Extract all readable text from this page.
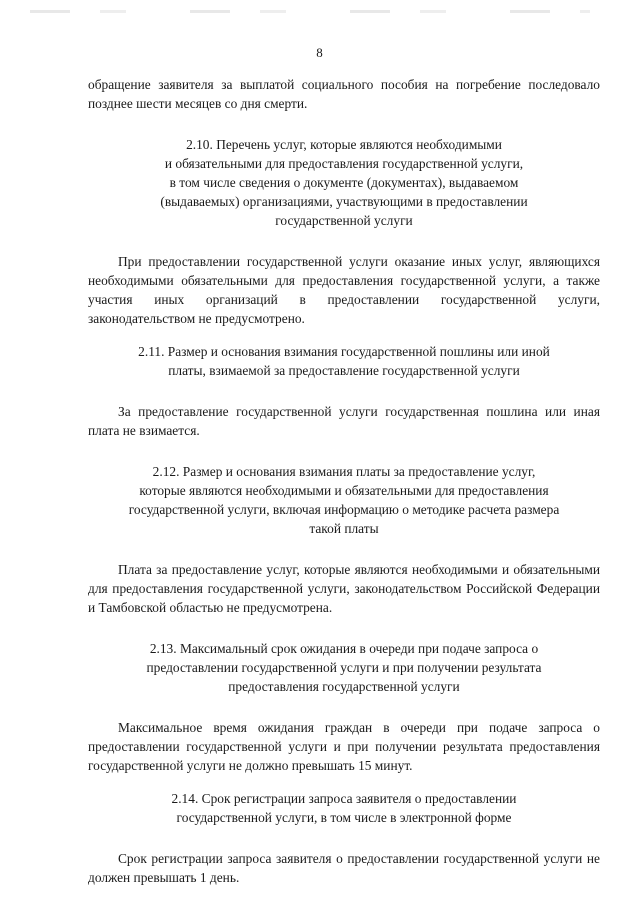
8

обращение заявителя за выплатой социального пособия на погребение последовало позднее шести месяцев со дня смерти.

2.10. Перечень услуг, которые являются необходимыми
и обязательными для предоставления государственной услуги,
в том числе сведения о документе (документах), выдаваемом
(выдаваемых) организациями, участвующими в предоставлении
государственной услуги

При предоставлении государственной услуги оказание иных услуг, являющихся необходимыми обязательными для предоставления государственной услуги, а также участия иных организаций в предоставлении государственной услуги, законодательством не предусмотрено.

2.11. Размер и основания взимания государственной пошлины или иной
платы, взимаемой за предоставление государственной услуги

За предоставление государственной услуги государственная пошлина или иная плата не взимается.

2.12. Размер и основания взимания платы за предоставление услуг,
которые являются необходимыми и обязательными для предоставления
государственной услуги, включая информацию о методике расчета размера
такой платы

Плата за предоставление услуг, которые являются необходимыми и обязательными для предоставления государственной услуги, законодательством Российской Федерации и Тамбовской областью не предусмотрена.

2.13. Максимальный срок ожидания в очереди при подаче запроса о
предоставлении государственной услуги и при получении результата
предоставления государственной услуги

Максимальное время ожидания граждан в очереди при подаче запроса о предоставлении государственной услуги и при получении результата предоставления государственной услуги не должно превышать 15 минут.

2.14. Срок регистрации запроса заявителя о предоставлении
государственной услуги, в том числе в электронной форме

Срок регистрации запроса заявителя о предоставлении государственной услуги не должен превышать 1 день.
